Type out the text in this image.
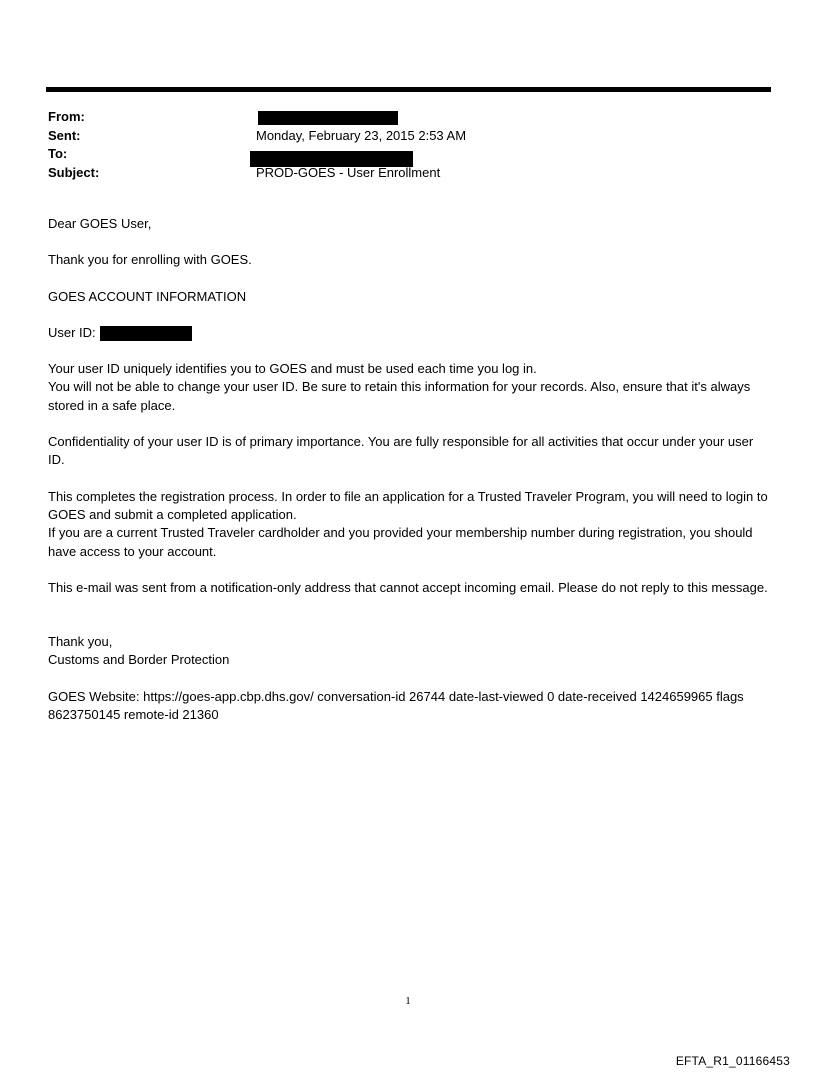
From:
Sent:	Monday, February 23, 2015 2:53 AM
To:
Subject:	PROD-GOES - User Enrollment

Dear GOES User,

Thank you for enrolling with GOES.

GOES ACCOUNT INFORMATION

User ID:

Your user ID uniquely identifies you to GOES and must be used each time you log in.

You will not be able to change your user ID. Be sure to retain this information for your records. Also, ensure that it's always stored in a safe place.

Confidentiality of your user ID is of primary importance. You are fully responsible for all activities that occur under your user ID.

This completes the registration process. In order to file an application for a Trusted Traveler Program, you will need to login to GOES and submit a completed application.

If you are a current Trusted Traveler cardholder and you provided your membership number during registration, you should have access to your account.

This e-mail was sent from a notification-only address that cannot accept incoming email. Please do not reply to this message.

Thank you,

Customs and Border Protection

GOES Website: https://goes-app.cbp.dhs.gov/ conversation-id 26744 date-last-viewed 0 date-received 1424659965 flags 8623750145 remote-id 21360

1
EFTA_R1_01166453
